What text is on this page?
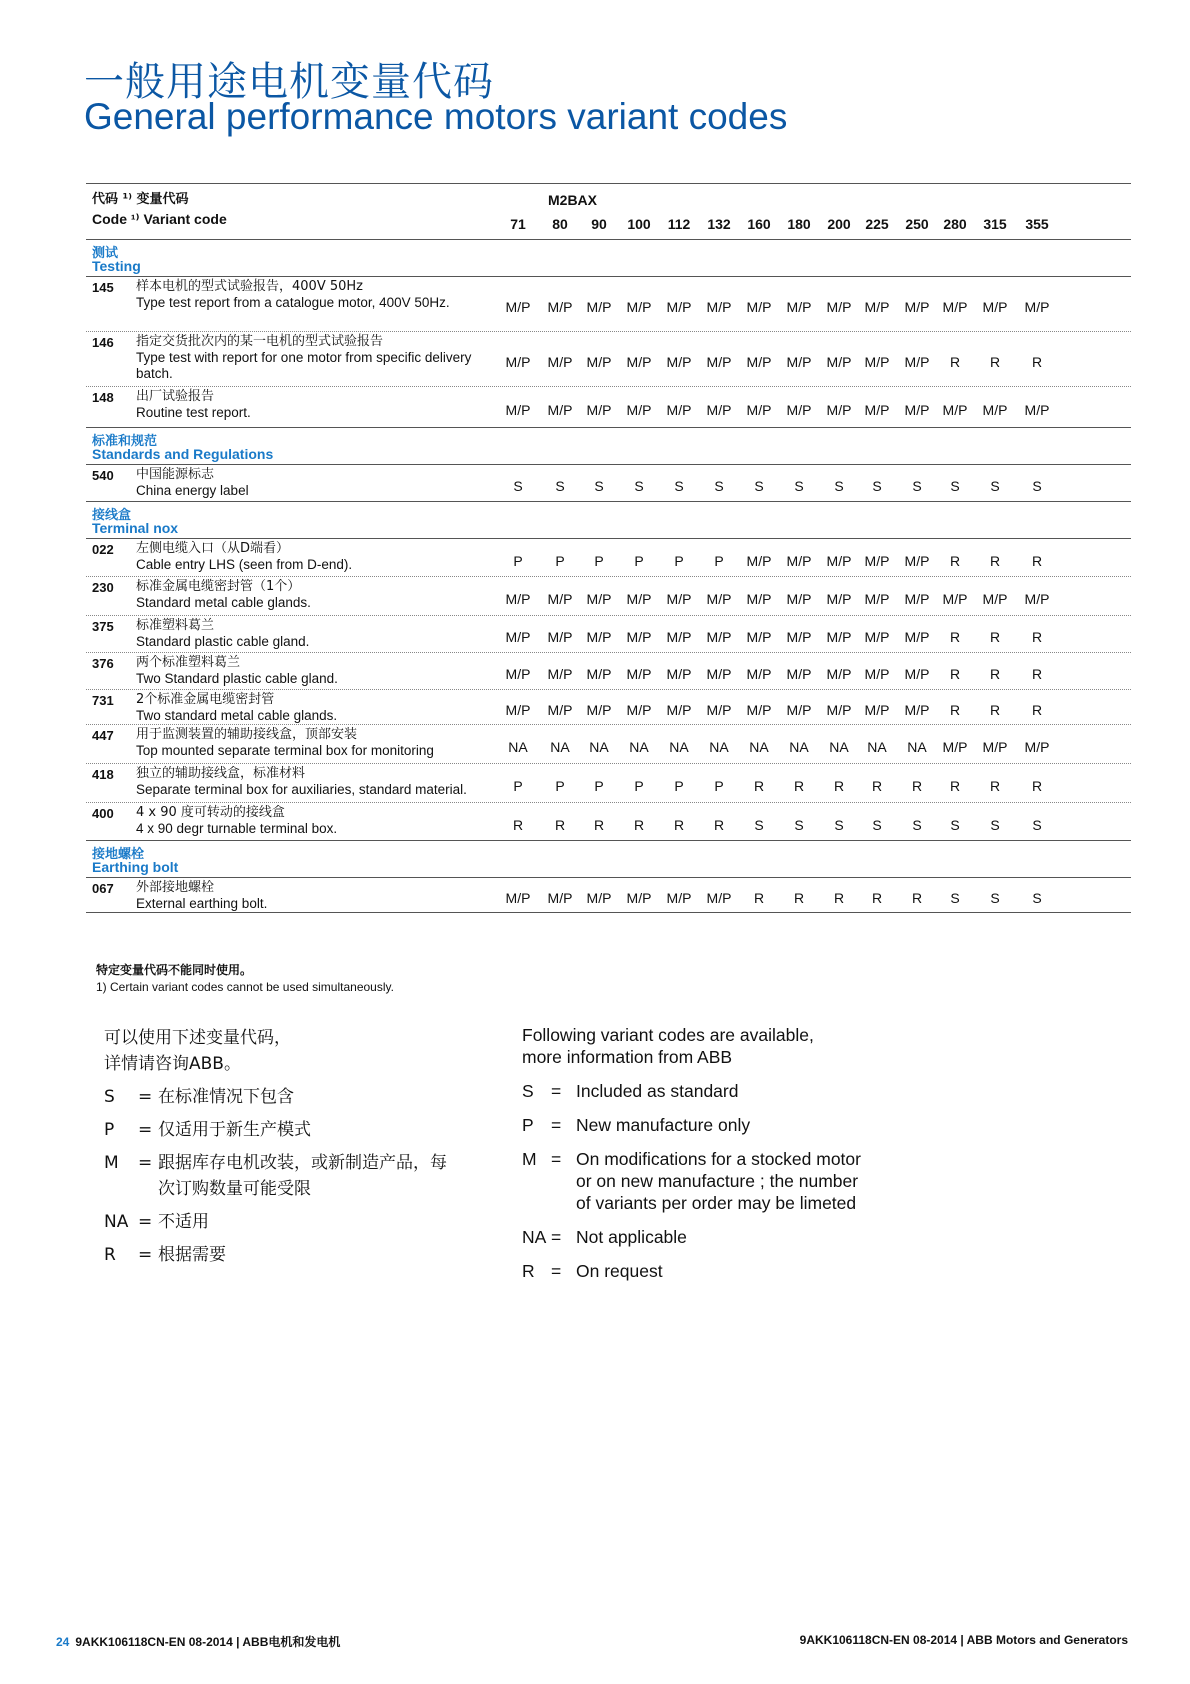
一般用途电机变量代码
General performance motors variant codes
代码 ¹⁾ 变量代码
Code ¹⁾ Variant code
M2BAX
71	80	90	100	112	132	160	180	200	225	250	280	315	355
测试
Testing
145 样本电机的型式试验报告，400V 50Hz
Type test report from a catalogue motor, 400V 50Hz.	M/P	M/P	M/P	M/P	M/P	M/P	M/P	M/P	M/P M/P	M/P M/P	M/P	M/P
146 指定交货批次内的某一电机的型式试验报告
Type test with report for one motor from specific delivery batch.
M/P	M/P	M/P	M/P	M/P	M/P	M/P	M/P	M/P M/P	M/P	R	R	R
148 出厂试验报告
Routine test report.	M/P	M/P	M/P	M/P	M/P	M/P	M/P	M/P	M/P M/P	M/P M/P	M/P	M/P
标准和规范
Standards and Regulations
540 中国能源标志
China energy label	S	S	S	S	S	S	S	S	S	S	S	S	S	S
接线盒
Terminal nox
022 左侧电缆入口（从D端看）
Cable entry LHS (seen from D-end).	P	P	P	P	P	P	M/P	M/P	M/P M/P	M/P	R	R	R
230 标准金属电缆密封管（1个）
Standard metal cable glands.	M/P	M/P	M/P	M/P	M/P	M/P	M/P	M/P	M/P M/P	M/P M/P	M/P	M/P
375 标准塑料葛兰
Standard plastic cable gland.	M/P	M/P	M/P	M/P	M/P	M/P	M/P	M/P	M/P M/P	M/P	R	R	R
376 两个标准塑料葛兰
Two Standard plastic cable gland.	M/P	M/P	M/P	M/P	M/P	M/P	M/P	M/P	M/P M/P	M/P	R	R	R
731 2个标准金属电缆密封管
Two standard metal cable glands.	M/P	M/P	M/P	M/P	M/P	M/P	M/P	M/P	M/P M/P	M/P	R	R	R
447 用于监测装置的辅助接线盒，顶部安装
Top mounted separate terminal box for monitoring	NA	NA	NA	NA	NA	NA	NA	NA	NA	NA	NA	M/P	M/P	M/P
418 独立的辅助接线盒，标准材料
Separate terminal box for auxiliaries, standard material.	P	P	P	P	P	P	R	R	R	R	R	R	R	R
400 4 x 90 度可转动的接线盒
4 x 90 degr turnable terminal box.	R	R	R	R	R	R	S	S	S	S	S	S	S	S
接地螺栓
Earthing bolt
067 外部接地螺栓
External earthing bolt.	M/P	M/P	M/P	M/P	M/P	M/P	R	R	R	R	R	S	S	S
特定变量代码不能同时使用。
1) Certain variant codes cannot be used simultaneously.
可以使用下述变量代码，
详情请咨询ABB。
S = 在标准情况下包含
P = 仅适用于新生产模式
M = 跟据库存电机改装，或新制造产品，每次订购数量可能受限
NA = 不适用
R = 根据需要
Following variant codes are available,
more information from ABB
S = Included as standard
P = New manufacture only
M = On modifications for a stocked motor or on new manufacture ; the number of variants per order may be limeted
NA = Not applicable
R = On request
24 9AKK106118CN-EN 08-2014 | ABB电机和发电机	9AKK106118CN-EN 08-2014 | ABB Motors and Generators
